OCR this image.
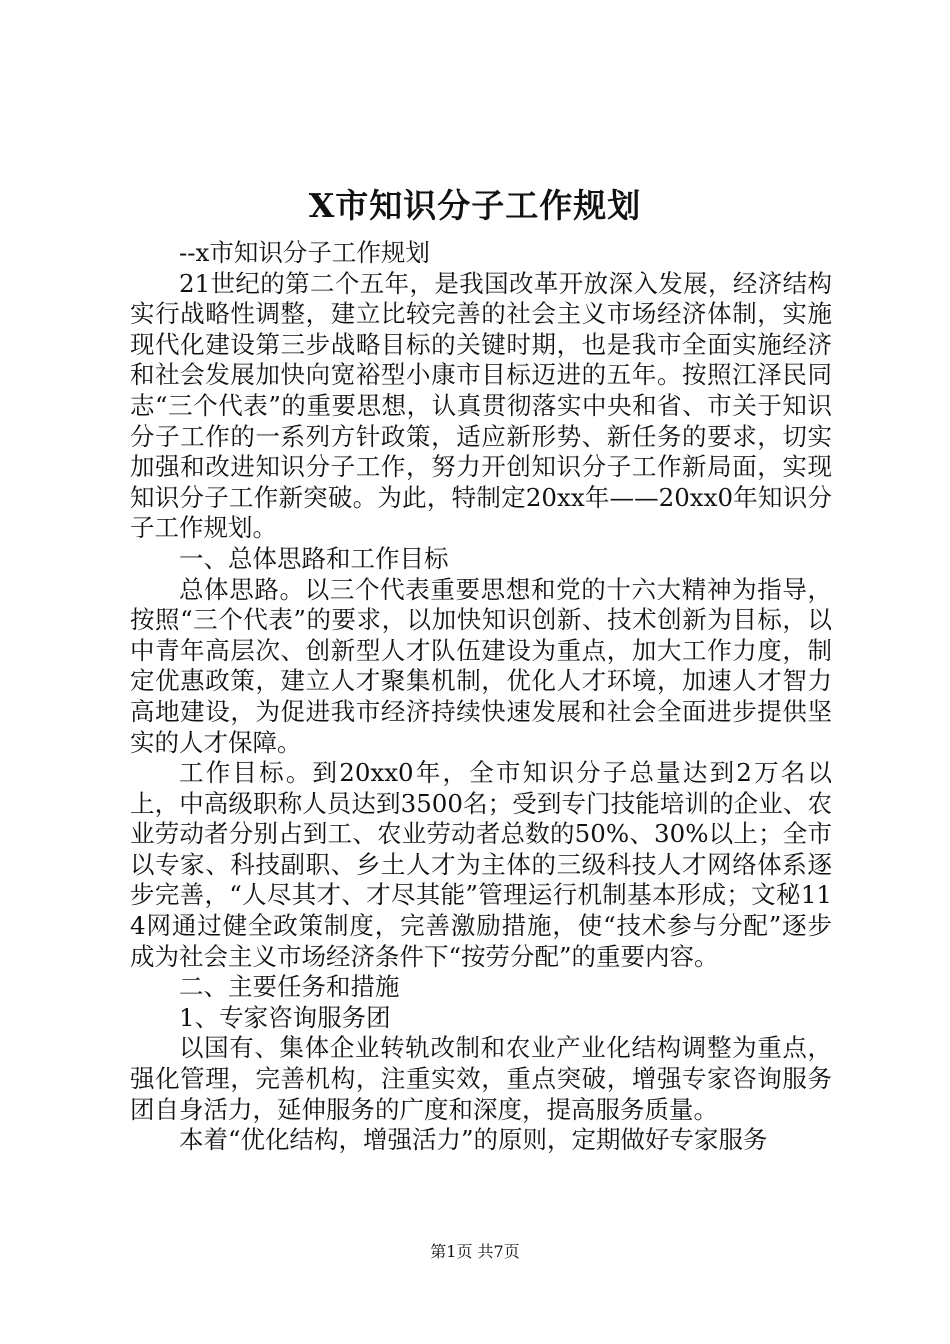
X市知识分子工作规划

--x市知识分子工作规划

21世纪的第二个五年，是我国改革开放深入发展，经济结构实行战略性调整，建立比较完善的社会主义市场经济体制，实施现代化建设第三步战略目标的关键时期，也是我市全面实施经济和社会发展加快向宽裕型小康市目标迈进的五年。按照江泽民同志“三个代表”的重要思想，认真贯彻落实中央和省、市关于知识分子工作的一系列方针政策，适应新形势、新任务的要求，切实加强和改进知识分子工作，努力开创知识分子工作新局面，实现知识分子工作新突破。为此，特制定20xx年——20xx0年知识分子工作规划。

一、总体思路和工作目标

总体思路。以三个代表重要思想和党的十六大精神为指导，按照“三个代表”的要求，以加快知识创新、技术创新为目标，以中青年高层次、创新型人才队伍建设为重点，加大工作力度，制定优惠政策，建立人才聚集机制，优化人才环境，加速人才智力高地建设，为促进我市经济持续快速发展和社会全面进步提供坚实的人才保障。

工作目标。到20xx0年，全市知识分子总量达到2万名以上，中高级职称人员达到3500名；受到专门技能培训的企业、农业劳动者分别占到工、农业劳动者总数的50%、30%以上；全市以专家、科技副职、乡土人才为主体的三级科技人才网络体系逐步完善，“人尽其才、才尽其能”管理运行机制基本形成；文秘114网通过健全政策制度，完善激励措施，使“技术参与分配”逐步成为社会主义市场经济条件下“按劳分配”的重要内容。

二、主要任务和措施

1、专家咨询服务团

以国有、集体企业转轨改制和农业产业化结构调整为重点，强化管理，完善机构，注重实效，重点突破，增强专家咨询服务团自身活力，延伸服务的广度和深度，提高服务质量。

本着“优化结构，增强活力”的原则，定期做好专家服务

第1页 共7页
